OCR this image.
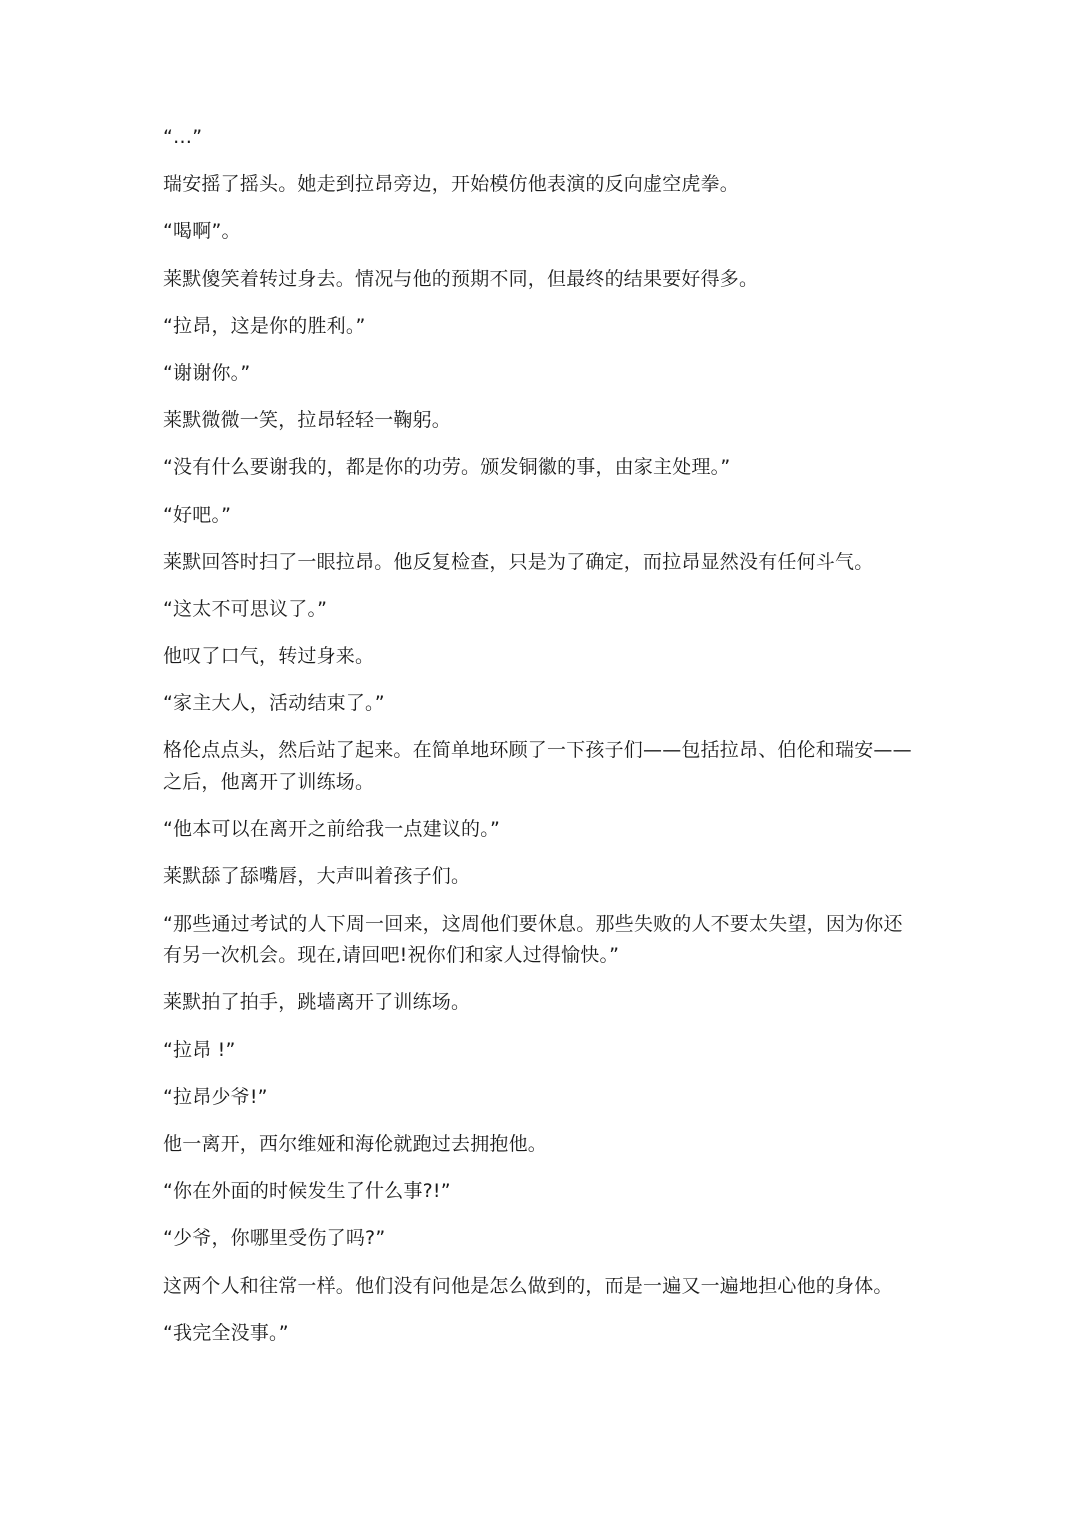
“…”

瑞安摇了摇头。她走到拉昂旁边，开始模仿他表演的反向虚空虎拳。

“喝啊”。

莱默傻笑着转过身去。情况与他的预期不同，但最终的结果要好得多。

“拉昂，这是你的胜利。”

“谢谢你。”

莱默微微一笑，拉昂轻轻一鞠躬。

“没有什么要谢我的，都是你的功劳。颁发铜徽的事，由家主处理。”

“好吧。”

莱默回答时扫了一眼拉昂。他反复检查，只是为了确定，而拉昂显然没有任何斗气。

“这太不可思议了。”

他叹了口气，转过身来。

“家主大人，活动结束了。”

格伦点点头，然后站了起来。在简单地环顾了一下孩子们——包括拉昂、伯伦和瑞安——之后，他离开了训练场。

“他本可以在离开之前给我一点建议的。”

莱默舔了舔嘴唇，大声叫着孩子们。

“那些通过考试的人下周一回来，这周他们要休息。那些失败的人不要太失望，因为你还有另一次机会。现在,请回吧!祝你们和家人过得愉快。”

莱默拍了拍手，跳墙离开了训练场。

“拉昂 !”

“拉昂少爷!”

他一离开，西尔维娅和海伦就跑过去拥抱他。

“你在外面的时候发生了什么事?!”

“少爷，你哪里受伤了吗?”

这两个人和往常一样。他们没有问他是怎么做到的，而是一遍又一遍地担心他的身体。

“我完全没事。”
